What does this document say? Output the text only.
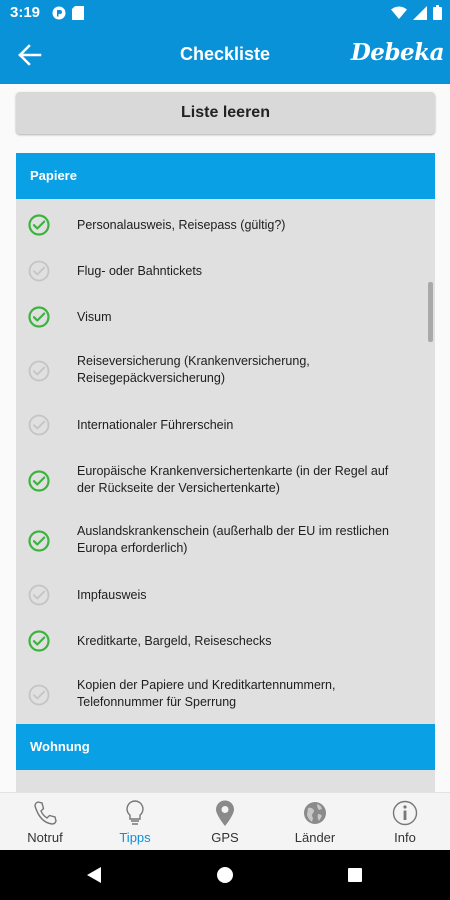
3:19
Checkliste	Debeka
Liste leeren
Papiere
Personalausweis, Reisepass (gültig?)
Flug- oder Bahntickets
Visum
Reiseversicherung (Krankenversicherung, Reisegepäckversicherung)
Internationaler Führerschein
Europäische Krankenversichertenkarte (in der Regel auf der Rückseite der Versichertenkarte)
Auslandskrankenschein (außerhalb der EU im restlichen Europa erforderlich)
Impfausweis
Kreditkarte, Bargeld, Reiseschecks
Kopien der Papiere und Kreditkartennummern, Telefonnummer für Sperrung
Wohnung
Notruf	Tipps	GPS	Länder	Info
